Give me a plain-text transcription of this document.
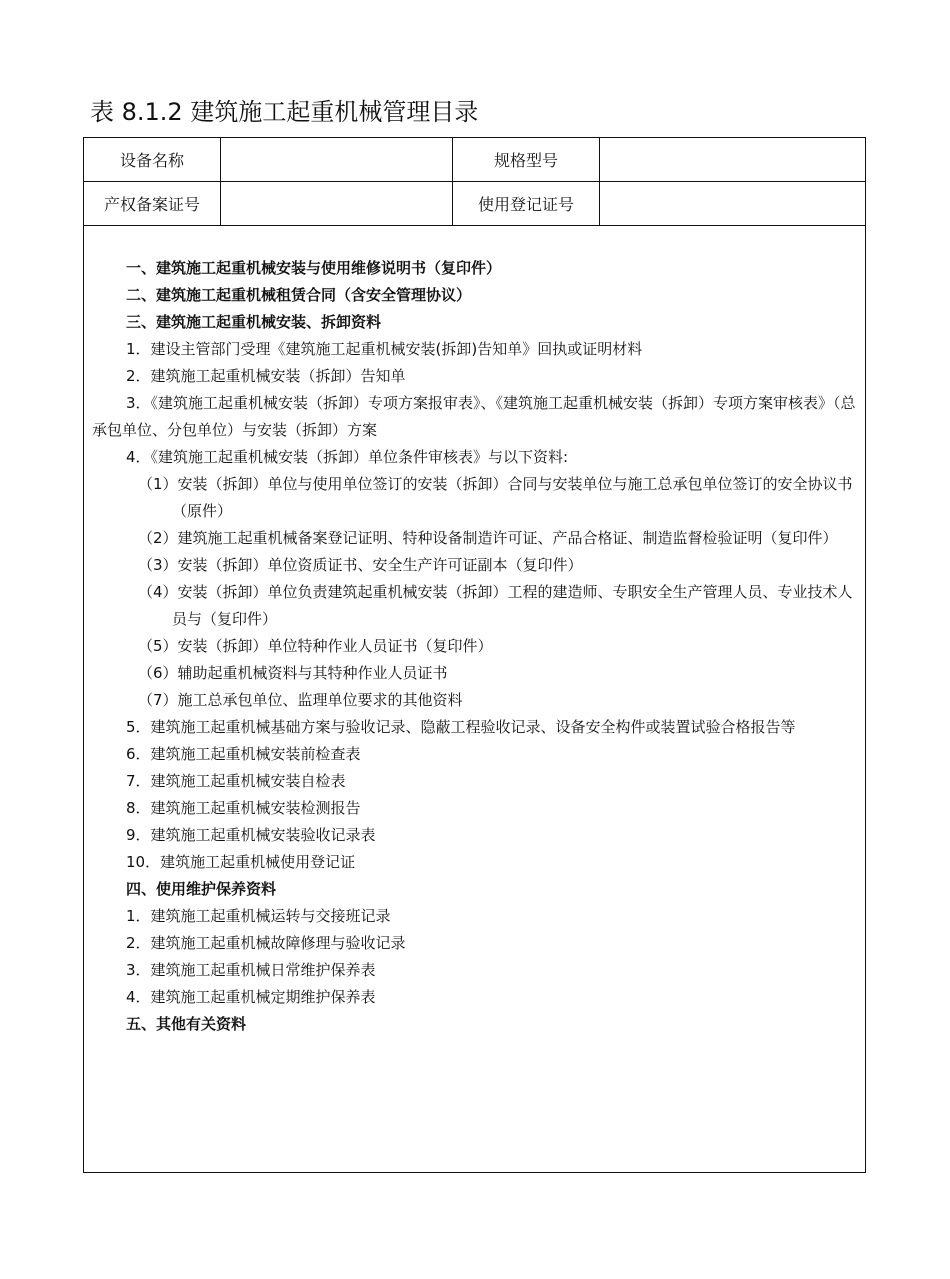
表 8.1.2 建筑施工起重机械管理目录
设备名称		规格型号	
产权备案证号		使用登记证号	
一、建筑施工起重机械安装与使用维修说明书（复印件）
二、建筑施工起重机械租赁合同（含安全管理协议）
三、建筑施工起重机械安装、拆卸资料
1．建设主管部门受理《建筑施工起重机械安装(拆卸)告知单》回执或证明材料
2．建筑施工起重机械安装（拆卸）告知单
3．《建筑施工起重机械安装（拆卸）专项方案报审表》、《建筑施工起重机械安装（拆卸）专项方案审核表》（总承包单位、分包单位）与安装（拆卸）方案
4．《建筑施工起重机械安装（拆卸）单位条件审核表》与以下资料:
（1）安装（拆卸）单位与使用单位签订的安装（拆卸）合同与安装单位与施工总承包单位签订的安全协议书（原件）
（2）建筑施工起重机械备案登记证明、特种设备制造许可证、产品合格证、制造监督检验证明（复印件）
（3）安装（拆卸）单位资质证书、安全生产许可证副本（复印件）
（4）安装（拆卸）单位负责建筑起重机械安装（拆卸）工程的建造师、专职安全生产管理人员、专业技术人员与（复印件）
（5）安装（拆卸）单位特种作业人员证书（复印件）
（6）辅助起重机械资料与其特种作业人员证书
（7）施工总承包单位、监理单位要求的其他资料
5．建筑施工起重机械基础方案与验收记录、隐蔽工程验收记录、设备安全构件或装置试验合格报告等
6．建筑施工起重机械安装前检查表
7．建筑施工起重机械安装自检表
8．建筑施工起重机械安装检测报告
9．建筑施工起重机械安装验收记录表
10．建筑施工起重机械使用登记证
四、使用维护保养资料
1．建筑施工起重机械运转与交接班记录
2．建筑施工起重机械故障修理与验收记录
3．建筑施工起重机械日常维护保养表
4．建筑施工起重机械定期维护保养表
五、其他有关资料
